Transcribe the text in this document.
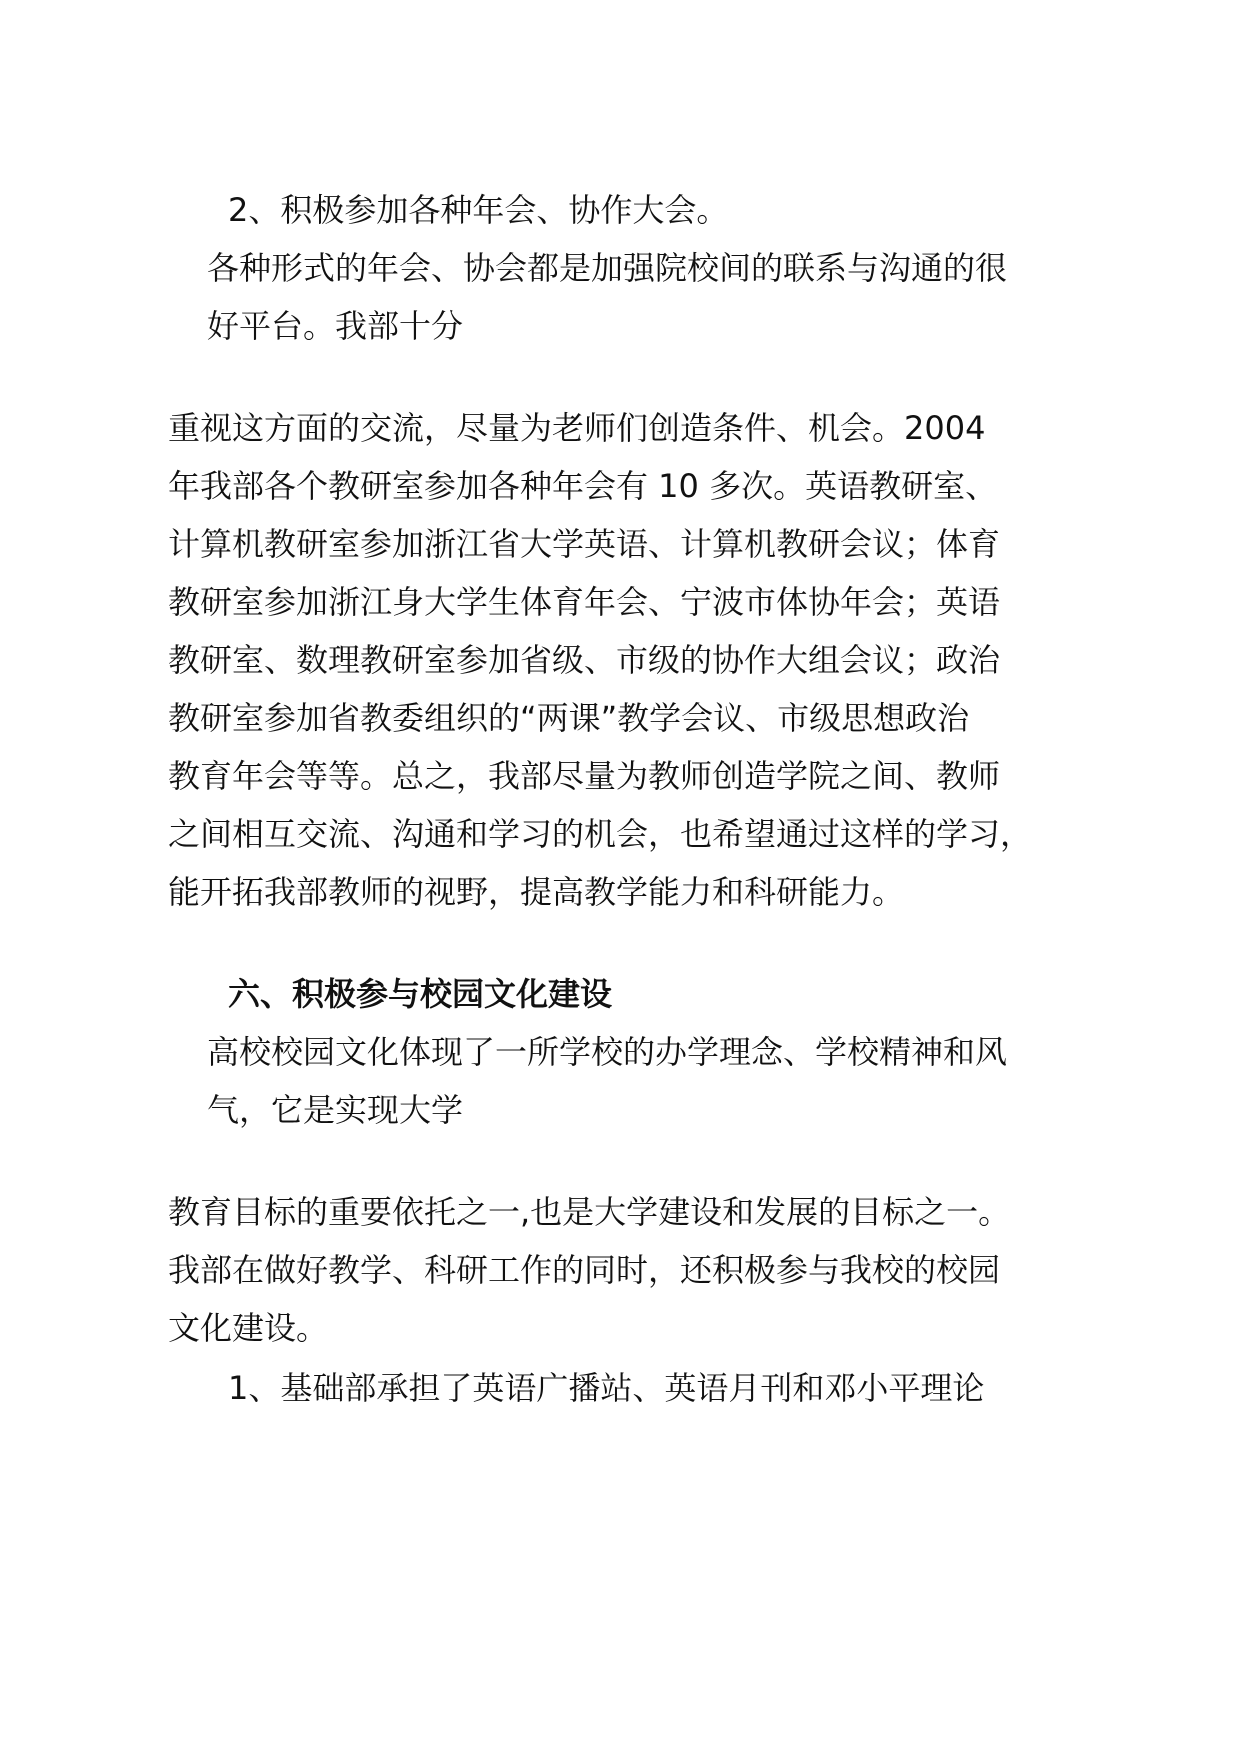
2、积极参加各种年会、协作大会。
各种形式的年会、协会都是加强院校间的联系与沟通的很
好平台。我部十分
重视这方面的交流，尽量为老师们创造条件、机会。2004
年我部各个教研室参加各种年会有 10 多次。英语教研室、
计算机教研室参加浙江省大学英语、计算机教研会议；体育
教研室参加浙江身大学生体育年会、宁波市体协年会；英语
教研室、数理教研室参加省级、市级的协作大组会议；政治
教研室参加省教委组织的“两课”教学会议、市级思想政治
教育年会等等。总之，我部尽量为教师创造学院之间、教师
之间相互交流、沟通和学习的机会，也希望通过这样的学习，
能开拓我部教师的视野，提高教学能力和科研能力。
六、积极参与校园文化建设
高校校园文化体现了一所学校的办学理念、学校精神和风
气，它是实现大学
教育目标的重要依托之一,也是大学建设和发展的目标之一。
我部在做好教学、科研工作的同时，还积极参与我校的校园
文化建设。
1、基础部承担了英语广播站、英语月刊和邓小平理论
